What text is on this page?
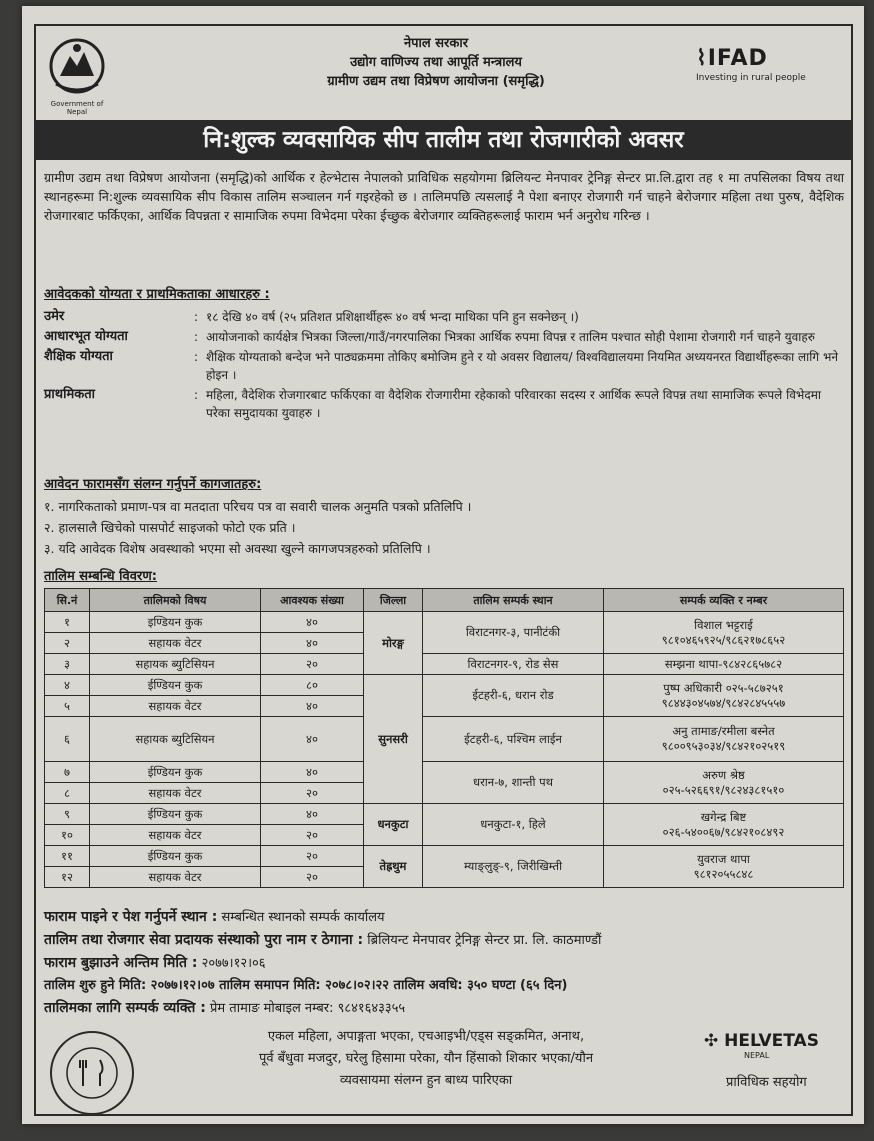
Government of Nepal
नेपाल सरकार
उद्योग वाणिज्य तथा आपूर्ति मन्त्रालय
ग्रामीण उद्यम तथा विप्रेषण आयोजना (समृद्धि)
⌇IFAD
Investing in rural people
नि:शुल्क व्यवसायिक सीप तालीम तथा रोजगारीको अवसर
ग्रामीण उद्यम तथा विप्रेषण आयोजना (समृद्धि)को आर्थिक र हेल्भेटास नेपालको प्राविधिक सहयोगमा ब्रिलियन्ट मेनपावर ट्रेनिङ्ग सेन्टर प्रा.लि.द्वारा तह १ मा तपसिलका विषय तथा स्थानहरूमा नि:शुल्क व्यवसायिक सीप विकास तालिम सञ्चालन गर्न गइरहेको छ । तालिमपछि त्यसलाई नै पेशा बनाएर रोजगारी गर्न चाहने बेरोजगार महिला तथा पुरुष, वैदेशिक रोजगारबाट फर्किएका, आर्थिक विपन्नता र सामाजिक रुपमा विभेदमा परेका ईच्छुक बेरोजगार व्यक्तिहरूलाई फाराम भर्न अनुरोध गरिन्छ ।
आवेदकको योग्यता र प्राथमिकताका आधारहरु :
उमेर	: १८ देखि ४० वर्ष (२५ प्रतिशत प्रशिक्षार्थीहरू ४० वर्ष भन्दा माथिका पनि हुन सक्नेछन् ।)
आधारभूत योग्यता	: आयोजनाको कार्यक्षेत्र भित्रका जिल्ला/गाउँ/नगरपालिका भित्रका आर्थिक रुपमा विपन्न र तालिम पश्चात सोही पेशामा रोजगारी गर्न चाहने युवाहरु
शैक्षिक योग्यता	: शैक्षिक योग्यताको बन्देज भने पाठ्यक्रममा तोकिए बमोजिम हुने र यो अवसर विद्यालय/ विश्वविद्यालयमा नियमित अध्ययनरत विद्यार्थीहरूका लागि भने होइन ।
प्राथमिकता	: महिला, वैदेशिक रोजगारबाट फर्किएका वा वैदेशिक रोजगारीमा रहेकाको परिवारका सदस्य र आर्थिक रूपले विपन्न तथा सामाजिक रूपले विभेदमा परेका समुदायका युवाहरु ।
आवेदन फारामसँग संलग्न गर्नुपर्ने कागजातहरु:
१. नागरिकताको प्रमाण-पत्र वा मतदाता परिचय पत्र वा सवारी चालक अनुमति पत्रको प्रतिलिपि ।
२. हालसालै खिचेको पासपोर्ट साइजको फोटो एक प्रति ।
३. यदि आवेदक विशेष अवस्थाको भएमा सो अवस्था खुल्ने कागजपत्रहरुको प्रतिलिपि ।
तालिम सम्बन्धि विवरण:
सि.नं	तालिमको विषय	आवश्यक संख्या	जिल्ला	तालिम सम्पर्क स्थान	सम्पर्क व्यक्ति र नम्बर
१	इण्डियन कुक	४०	मोरङ्ग	विराटनगर-३, पानीटंकी	विशाल भट्टराई
९८१०४६५९२५/९८६२१७८६५२

२	सहायक वेटर	४०			
३	सहायक ब्युटिसियन	२०		विराटनगर-९, रोड सेस	सम्झना थापा-९८४२८६५७८२
४	ईण्डियन कुक	८०	सुनसरी	ईटहरी-६, धरान रोड	पुष्प अधिकारी ०२५-५८७२५१
९८४४३०४५७४/९८४२८४५५५७

५	सहायक वेटर	४०			
६	सहायक ब्युटिसियन	४०		ईटहरी-६, पश्चिम लाईन	अनु तामाङ/रमीला बस्नेत
९८००९५३०३४/९८४२१०२५१९

७	ईण्डियन कुक	४०		धरान-७, शान्ती पथ	अरुण श्रेष्ठ
०२५-५२६६९१/९८२४३८१५१०

८	सहायक वेटर	२०			
९	ईण्डियन कुक	४०	धनकुटा	धनकुटा-१, हिले	खगेन्द्र बिष्ट
०२६-५४००६७/९८४२१०८४९२

१०	सहायक वेटर	२०			
११	ईण्डियन कुक	२०	तेह्रथुम	म्याङ्लुङ्-९, जिरीखिम्ती	युवराज थापा
९८१२०५५८४८

१२	सहायक वेटर	२०			
फाराम पाइने र पेश गर्नुपर्ने स्थान : सम्बन्धित स्थानको सम्पर्क कार्यालय
तालिम तथा रोजगार सेवा प्रदायक संस्थाको पुरा नाम र ठेगाना : ब्रिलियन्ट मेनपावर ट्रेनिङ्ग सेन्टर प्रा. लि. काठमाण्डौं
फाराम बुझाउने अन्तिम मिति : २०७७।१२।०६
तालिम शुरु हुने मिति: २०७७।१२।०७ तालिम समापन मिति: २०७८।०२।२२ तालिम अवधि: ३५० घण्टा (६५ दिन)
तालिमका लागि सम्पर्क व्यक्ति : प्रेम तामाङ मोबाइल नम्बर: ९८४१६४३३५५
एकल महिला, अपाङ्गता भएका, एचआइभी/एड्स सङ्क्रमित, अनाथ,
पूर्व बँधुवा मजदुर, घरेलु हिसामा परेका, यौन हिंसाको शिकार भएका/यौन
व्यवसायमा संलग्न हुन बाध्य पारिएका
✣ HELVETAS
NEPAL
प्राविधिक सहयोग
